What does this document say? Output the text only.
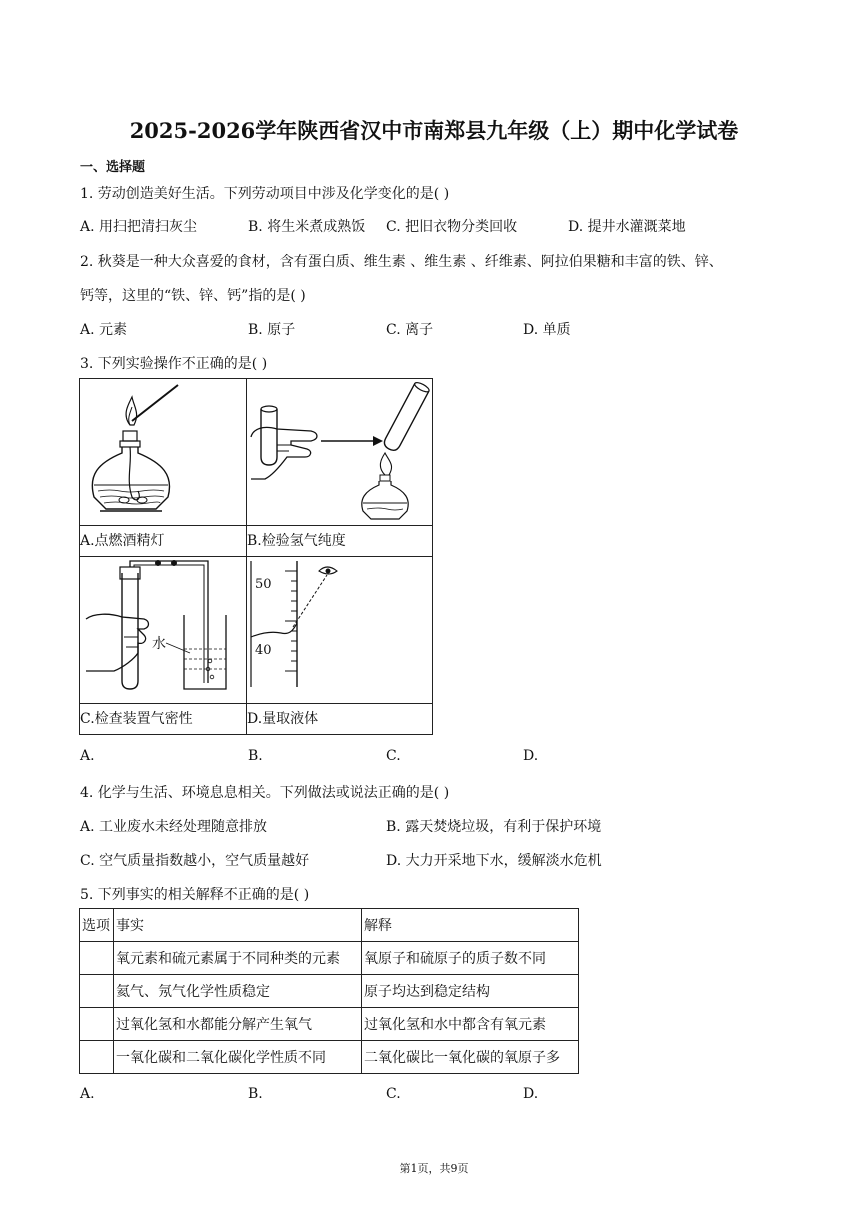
2025-2026学年陕西省汉中市南郑县九年级（上）期中化学试卷
一、选择题
1. 劳动创造美好生活。下列劳动项目中涉及化学变化的是( )
A. 用扫把清扫灰尘	B. 将生米煮成熟饭 C. 把旧衣物分类回收	D. 提井水灌溉菜地
2. 秋葵是一种大众喜爱的食材，含有蛋白质、维生素 、维生素 、纤维素、阿拉伯果糖和丰富的铁、锌、
钙等，这里的“铁、锌、钙”指的是( )
A. 元素	B. 原子	C. 离子	D. 单质
3. 下列实验操作不正确的是( )

A.点燃酒精灯	B.检验氢气纯度

水	50
40

C.检查装置气密性	D.量取液体
A.	B.	C.	D.
4. 化学与生活、环境息息相关。下列做法或说法正确的是( )
A. 工业废水未经处理随意排放	B. 露天焚烧垃圾，有利于保护环境
C. 空气质量指数越小，空气质量越好	D. 大力开采地下水，缓解淡水危机
5. 下列事实的相关解释不正确的是( )
选项	事实	解释
	氧元素和硫元素属于不同种类的元素	氧原子和硫原子的质子数不同
	氦气、氖气化学性质稳定	原子均达到稳定结构
	过氧化氢和水都能分解产生氧气	过氧化氢和水中都含有氧元素
	一氧化碳和二氧化碳化学性质不同	二氧化碳比一氧化碳的氧原子多
A.	B.	C.	D.
第1页，共9页
